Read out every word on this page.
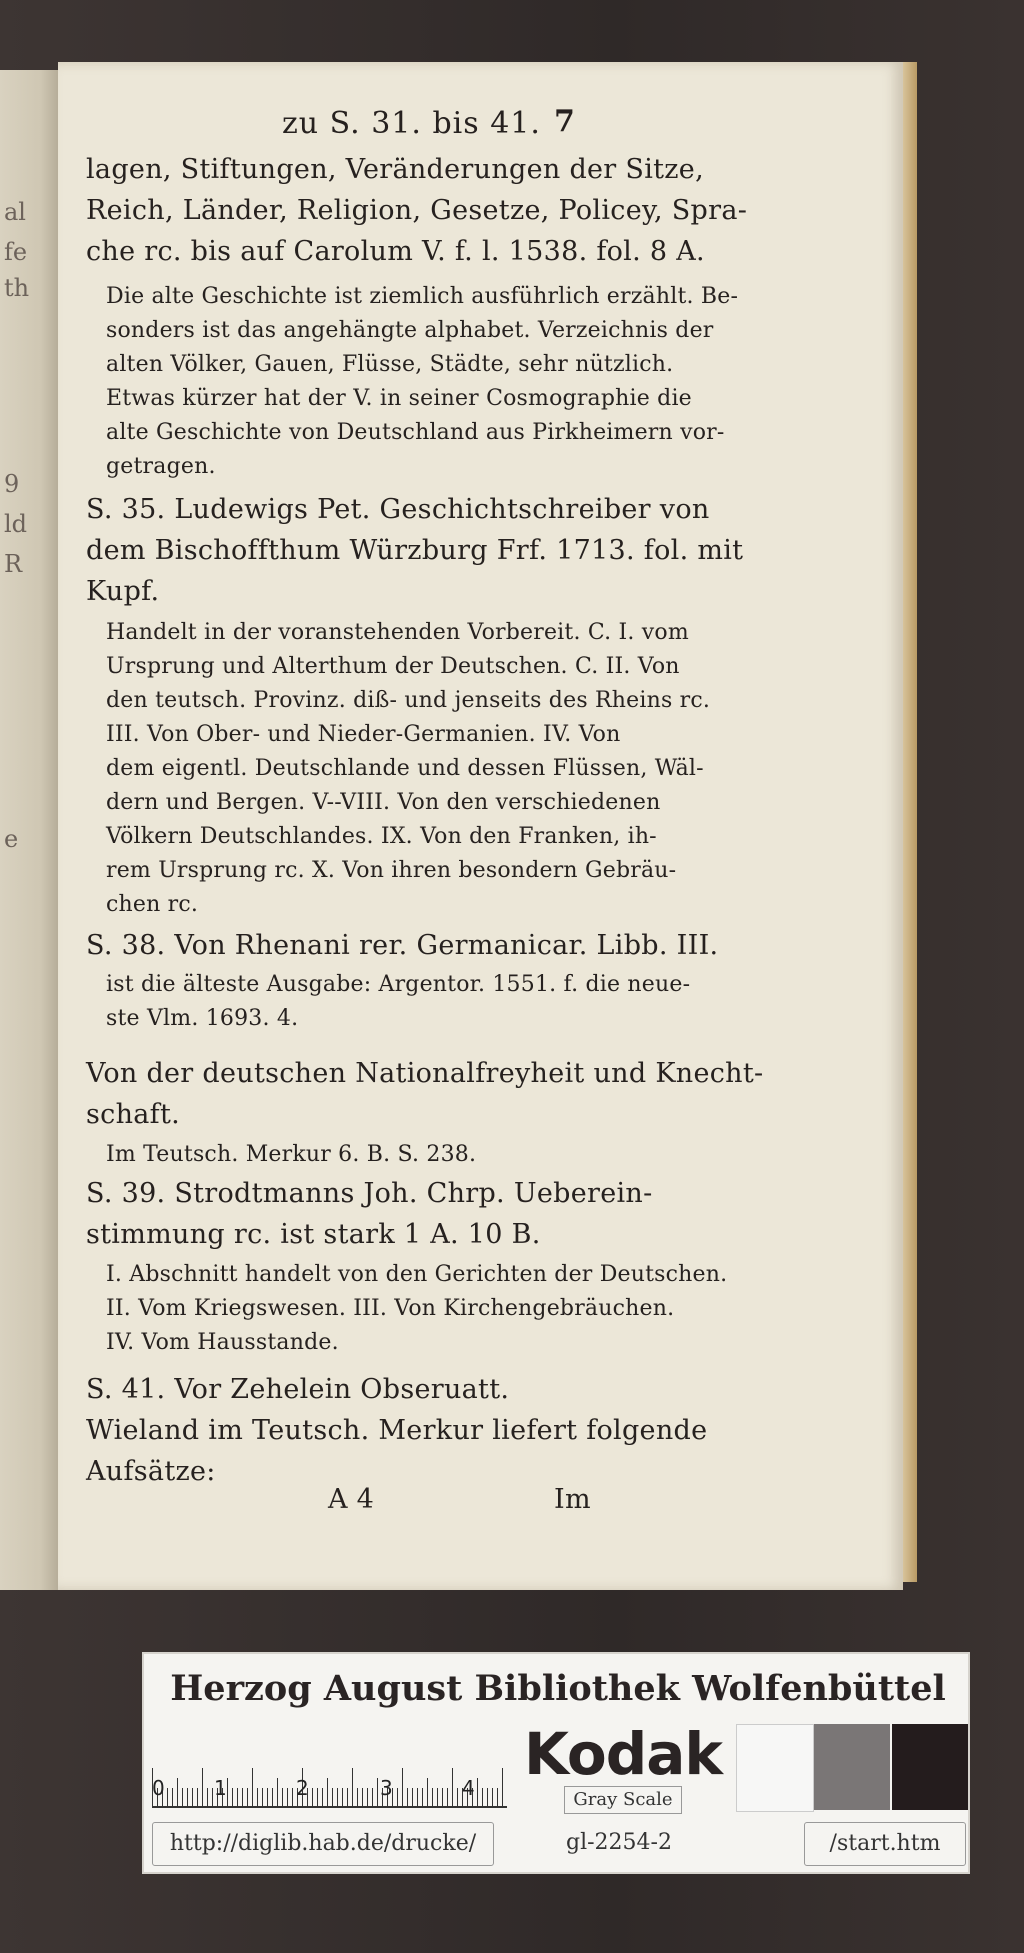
al
fe
th
9
ld
R
e
zu S. 31. bis 41. 7
A 4	Im
lagen, Stiftungen, Veränderungen der Sitze,
Reich, Länder, Religion, Gesetze, Policey, Spra-
che rc. bis auf Carolum V. f. l. 1538. fol. 8 A.
Die alte Geschichte ist ziemlich ausführlich erzählt. Be-
sonders ist das angehängte alphabet. Verzeichnis der
alten Völker, Gauen, Flüsse, Städte, sehr nützlich.
Etwas kürzer hat der V. in seiner Cosmographie die
alte Geschichte von Deutschland aus Pirkheimern vor-
getragen.
S. 35. Ludewigs Pet. Geschichtschreiber von
dem Bischoffthum Würzburg Frf. 1713. fol. mit
Kupf.
Handelt in der voranstehenden Vorbereit. C. I. vom
Ursprung und Alterthum der Deutschen. C. II. Von
den teutsch. Provinz. diß- und jenseits des Rheins rc.
III. Von Ober- und Nieder-Germanien. IV. Von
dem eigentl. Deutschlande und dessen Flüssen, Wäl-
dern und Bergen. V--VIII. Von den verschiedenen
Völkern Deutschlandes. IX. Von den Franken, ih-
rem Ursprung rc. X. Von ihren besondern Gebräu-
chen rc.
S. 38. Von Rhenani rer. Germanicar. Libb. III.
ist die älteste Ausgabe: Argentor. 1551. f. die neue-
ste Vlm. 1693. 4.
Von der deutschen Nationalfreyheit und Knecht-
schaft.
Im Teutsch. Merkur 6. B. S. 238.
S. 39. Strodtmanns Joh. Chrp. Ueberein-
stimmung rc. ist stark 1 A. 10 B.
I. Abschnitt handelt von den Gerichten der Deutschen.
II. Vom Kriegswesen. III. Von Kirchengebräuchen.
IV. Vom Hausstande.
S. 41. Vor Zehelein Obseruatt.
Wieland im Teutsch. Merkur liefert folgende
Aufsätze:
Herzog August Bibliothek Wolfenbüttel
0 1	2	3	4 Kodak
Gray Scale
http://diglib.hab.de/drucke/	gl-2254-2	/start.htm
